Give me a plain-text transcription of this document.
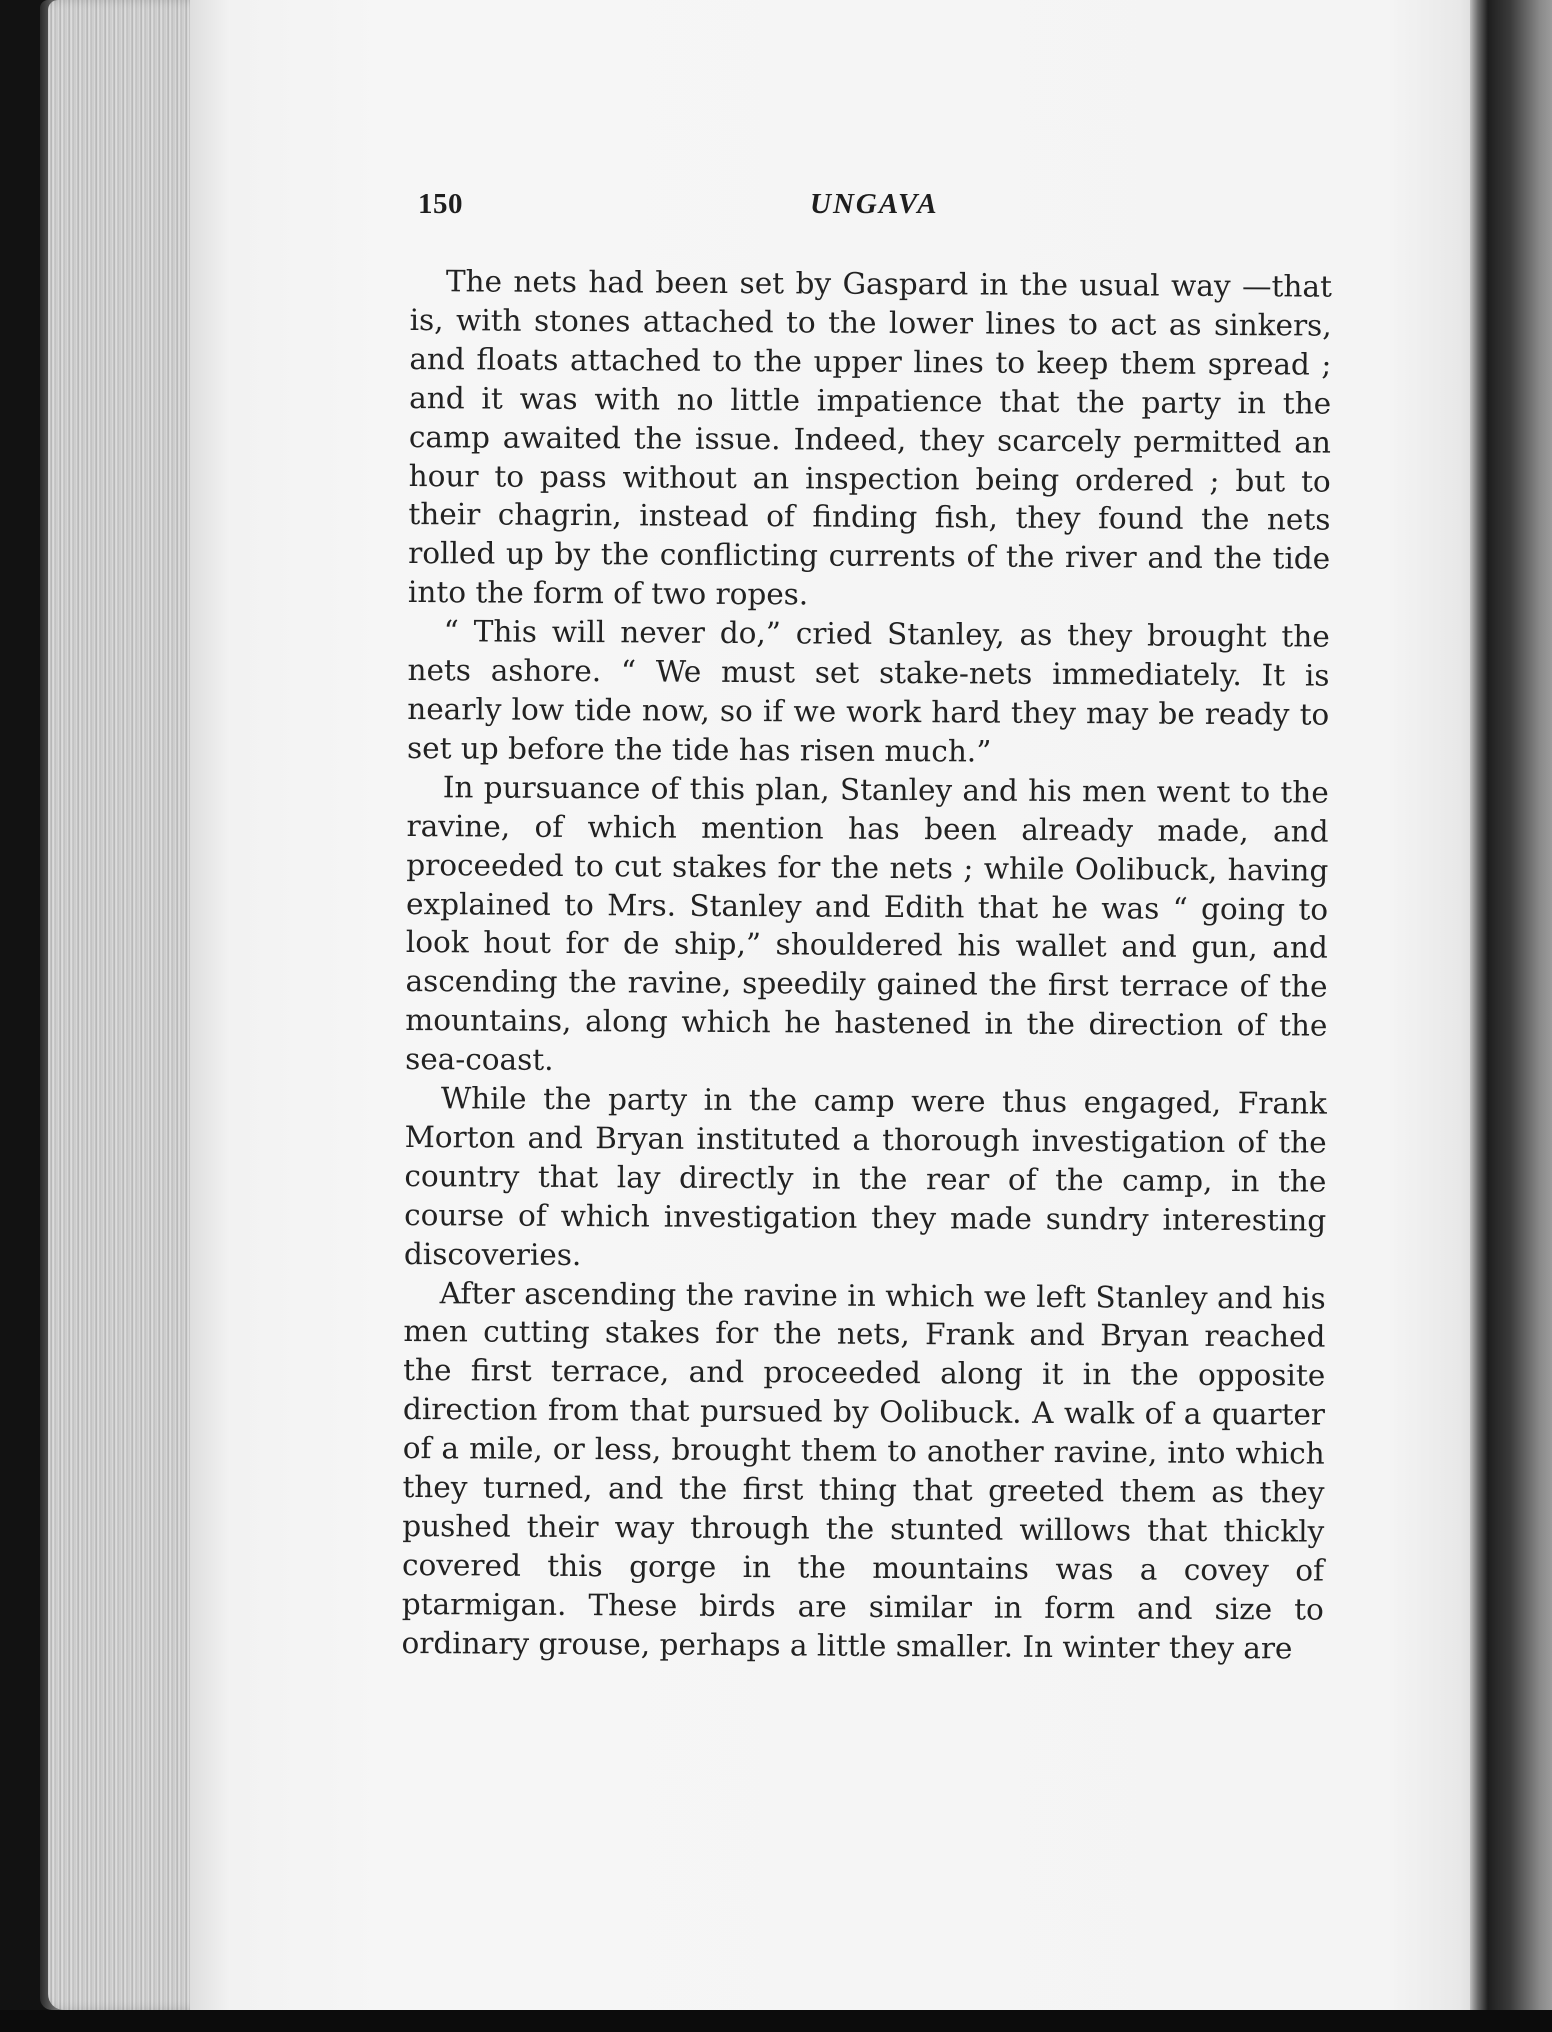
150	UNGAVA

The nets had been set by Gaspard in the usual way —that is, with stones attached to the lower lines to act as sinkers, and floats attached to the upper lines to keep them spread ; and it was with no little impatience that the party in the camp awaited the issue. Indeed, they scarcely permitted an hour to pass without an inspection being ordered ; but to their chagrin, instead of finding fish, they found the nets rolled up by the conflicting currents of the river and the tide into the form of two ropes.

“ This will never do,” cried Stanley, as they brought the nets ashore. “ We must set stake-nets immediately. It is nearly low tide now, so if we work hard they may be ready to set up before the tide has risen much.”

In pursuance of this plan, Stanley and his men went to the ravine, of which mention has been already made, and proceeded to cut stakes for the nets ; while Oolibuck, having explained to Mrs. Stanley and Edith that he was “ going to look hout for de ship,” shouldered his wallet and gun, and ascending the ravine, speedily gained the first terrace of the mountains, along which he hastened in the direction of the sea-coast.

While the party in the camp were thus engaged, Frank Morton and Bryan instituted a thorough investigation of the country that lay directly in the rear of the camp, in the course of which investigation they made sundry interesting discoveries.

After ascending the ravine in which we left Stanley and his men cutting stakes for the nets, Frank and Bryan reached the first terrace, and proceeded along it in the opposite direction from that pursued by Oolibuck. A walk of a quarter of a mile, or less, brought them to another ravine, into which they turned, and the first thing that greeted them as they pushed their way through the stunted willows that thickly covered this gorge in the mountains was a covey of ptarmigan. These birds are similar in form and size to ordinary grouse, perhaps a little smaller. In winter they are
